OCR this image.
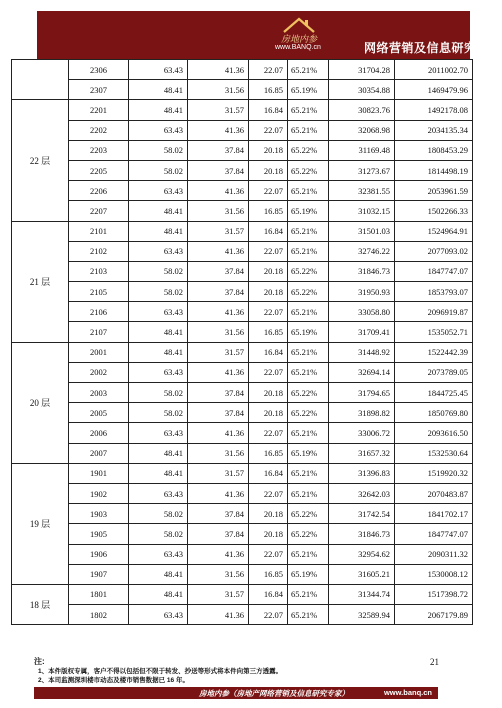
房地内参
www.BANQ.cn	网络营销及信息研究专家
	2306	63.43	41.36	22.07	65.21%	31704.28	2011002.70
	2307	48.41	31.56	16.85	65.19%	30354.88	1469479.96
22 层	2201	48.41	31.57	16.84	65.21%	30823.76	1492178.08
	2202	63.43	41.36	22.07	65.21%	32068.98	2034135.34
	2203	58.02	37.84	20.18	65.22%	31169.48	1808453.29
	2205	58.02	37.84	20.18	65.22%	31273.67	1814498.19
	2206	63.43	41.36	22.07	65.21%	32381.55	2053961.59
	2207	48.41	31.56	16.85	65.19%	31032.15	1502266.33
21 层	2101	48.41	31.57	16.84	65.21%	31501.03	1524964.91
	2102	63.43	41.36	22.07	65.21%	32746.22	2077093.02
	2103	58.02	37.84	20.18	65.22%	31846.73	1847747.07
	2105	58.02	37.84	20.18	65.22%	31950.93	1853793.07
	2106	63.43	41.36	22.07	65.21%	33058.80	2096919.87
	2107	48.41	31.56	16.85	65.19%	31709.41	1535052.71
20 层	2001	48.41	31.57	16.84	65.21%	31448.92	1522442.39
	2002	63.43	41.36	22.07	65.21%	32694.14	2073789.05
	2003	58.02	37.84	20.18	65.22%	31794.65	1844725.45
	2005	58.02	37.84	20.18	65.22%	31898.82	1850769.80
	2006	63.43	41.36	22.07	65.21%	33006.72	2093616.50
	2007	48.41	31.56	16.85	65.19%	31657.32	1532530.64
19 层	1901	48.41	31.57	16.84	65.21%	31396.83	1519920.32
	1902	63.43	41.36	22.07	65.21%	32642.03	2070483.87
	1903	58.02	37.84	20.18	65.22%	31742.54	1841702.17
	1905	58.02	37.84	20.18	65.22%	31846.73	1847747.07
	1906	63.43	41.36	22.07	65.21%	32954.62	2090311.32
	1907	48.41	31.56	16.85	65.19%	31605.21	1530008.12
18 层	1801	48.41	31.57	16.84	65.21%	31344.74	1517398.72
	1802	63.43	41.36	22.07	65.21%	32589.94	2067179.89
注:
1、本件版权专属，客户不得以包括但不限于转发、抄送等形式将本件向第三方透露。
2、本司监测深圳楼市动态及楼市销售数据已 16 年。
21
房地内参（房地产网络营销及信息研究专家）	www.banq.cn
